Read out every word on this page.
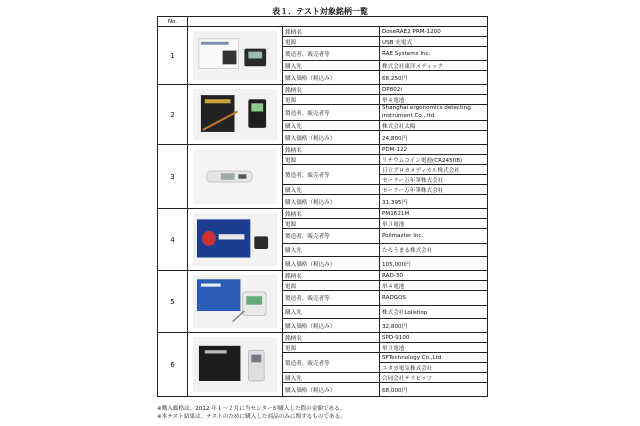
表１．テスト対象銘柄一覧
No.			
1		銘柄名	DoseRAE2 PRM-1200
		電源	USB 充電式
		製造者、販売者等	RAE Systems Inc.
		購入先	株式会社東洋メディック
		購入価格（税込み）	68,250円
2		銘柄名	DP802i
		電源	単４電池
		製造者、販売者等	Shanghai ergonomics detecting instrument Co., ltd
		購入先	株式会社太陽
		購入価格（税込み）	24,800円
3		銘柄名	PDM-122
		電源	リチウムコイン電池(CR2450B)
		製造者、販売者等	日立アロカメディカル株式会社
			セーラー万年筆株式会社
		購入先	セーラー万年筆株式会社
		購入価格（税込み）	31,395円
4		銘柄名	PM1621M
		電源	単３電池
		製造者、販売者等	Polimaster Inc.
		購入先	たろうまる株式会社
		購入価格（税込み）	105,000円
5		銘柄名	RAD-30
		電源	単４電池
		製造者、販売者等	RADGOS
		購入先	株式会社Lolishop
		購入価格（税込み）	32,800円
6		銘柄名	SPD-9100
		電源	単３電池
		製造者、販売者等	SFTechnology Co.,Ltd
			ユタカ電気株式会社
		購入先	合同会社テラピッツ
		購入価格（税込み）	68,000円
※購入価格は、2012 年１〜２月に当センターが購入した際の金額である。
※本テスト結果は、テストのために購入した商品のみに関するものである。
